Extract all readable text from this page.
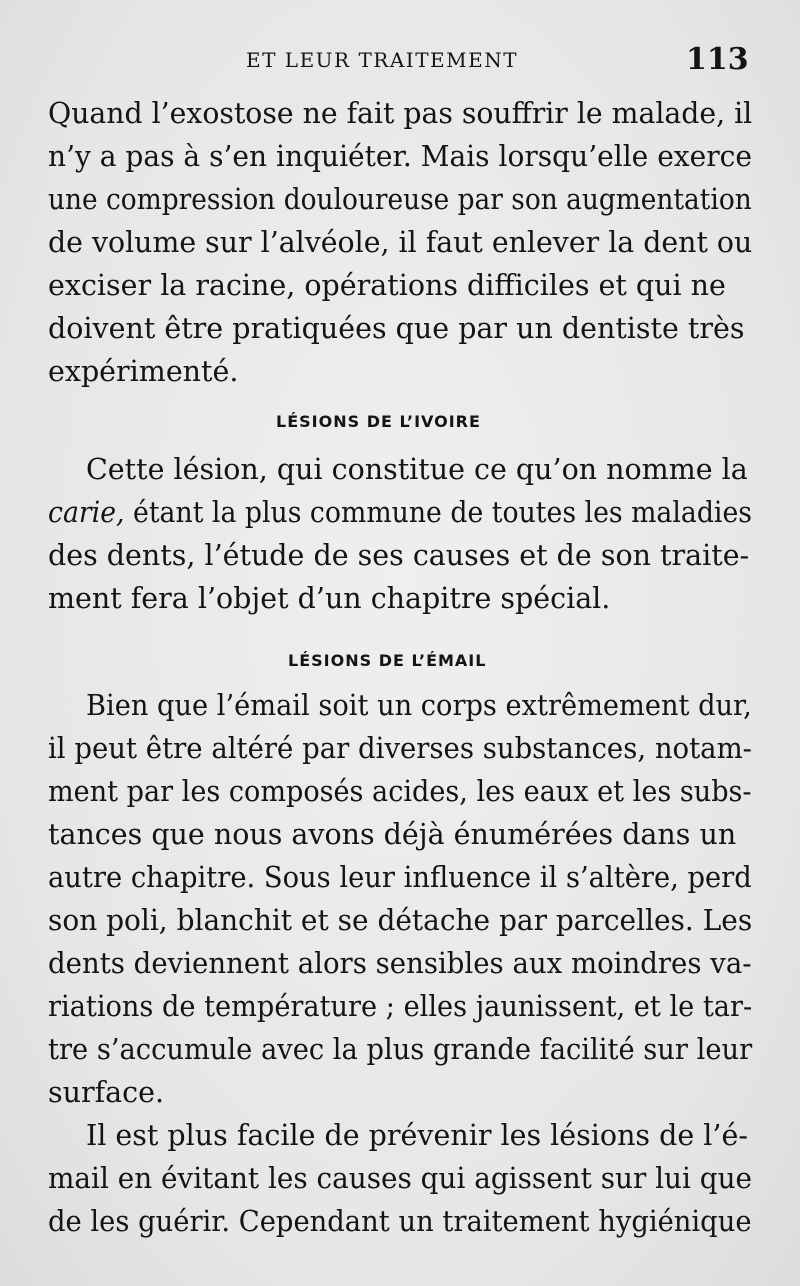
ET LEUR TRAITEMENT	113
Quand l’exostose ne fait pas souffrir le malade, il
n’y a pas à s’en inquiéter. Mais lorsqu’elle exerce
une compression douloureuse par son augmentation
de volume sur l’alvéole, il faut enlever la dent ou
exciser la racine, opérations difficiles et qui ne
doivent être pratiquées que par un dentiste très
expérimenté.
LÉSIONS DE L’IVOIRE
Cette lésion, qui constitue ce qu’on nomme la
carie, étant la plus commune de toutes les maladies
des dents, l’étude de ses causes et de son traite-
ment fera l’objet d’un chapitre spécial.
LÉSIONS DE L’ÉMAIL
Bien que l’émail soit un corps extrêmement dur,
il peut être altéré par diverses substances, notam-
ment par les composés acides, les eaux et les subs-
tances que nous avons déjà énumérées dans un
autre chapitre. Sous leur influence il s’altère, perd
son poli, blanchit et se détache par parcelles. Les
dents deviennent alors sensibles aux moindres va-
riations de température ; elles jaunissent, et le tar-
tre s’accumule avec la plus grande facilité sur leur
surface.
Il est plus facile de prévenir les lésions de l’é-
mail en évitant les causes qui agissent sur lui que
de les guérir. Cependant un traitement hygiénique
